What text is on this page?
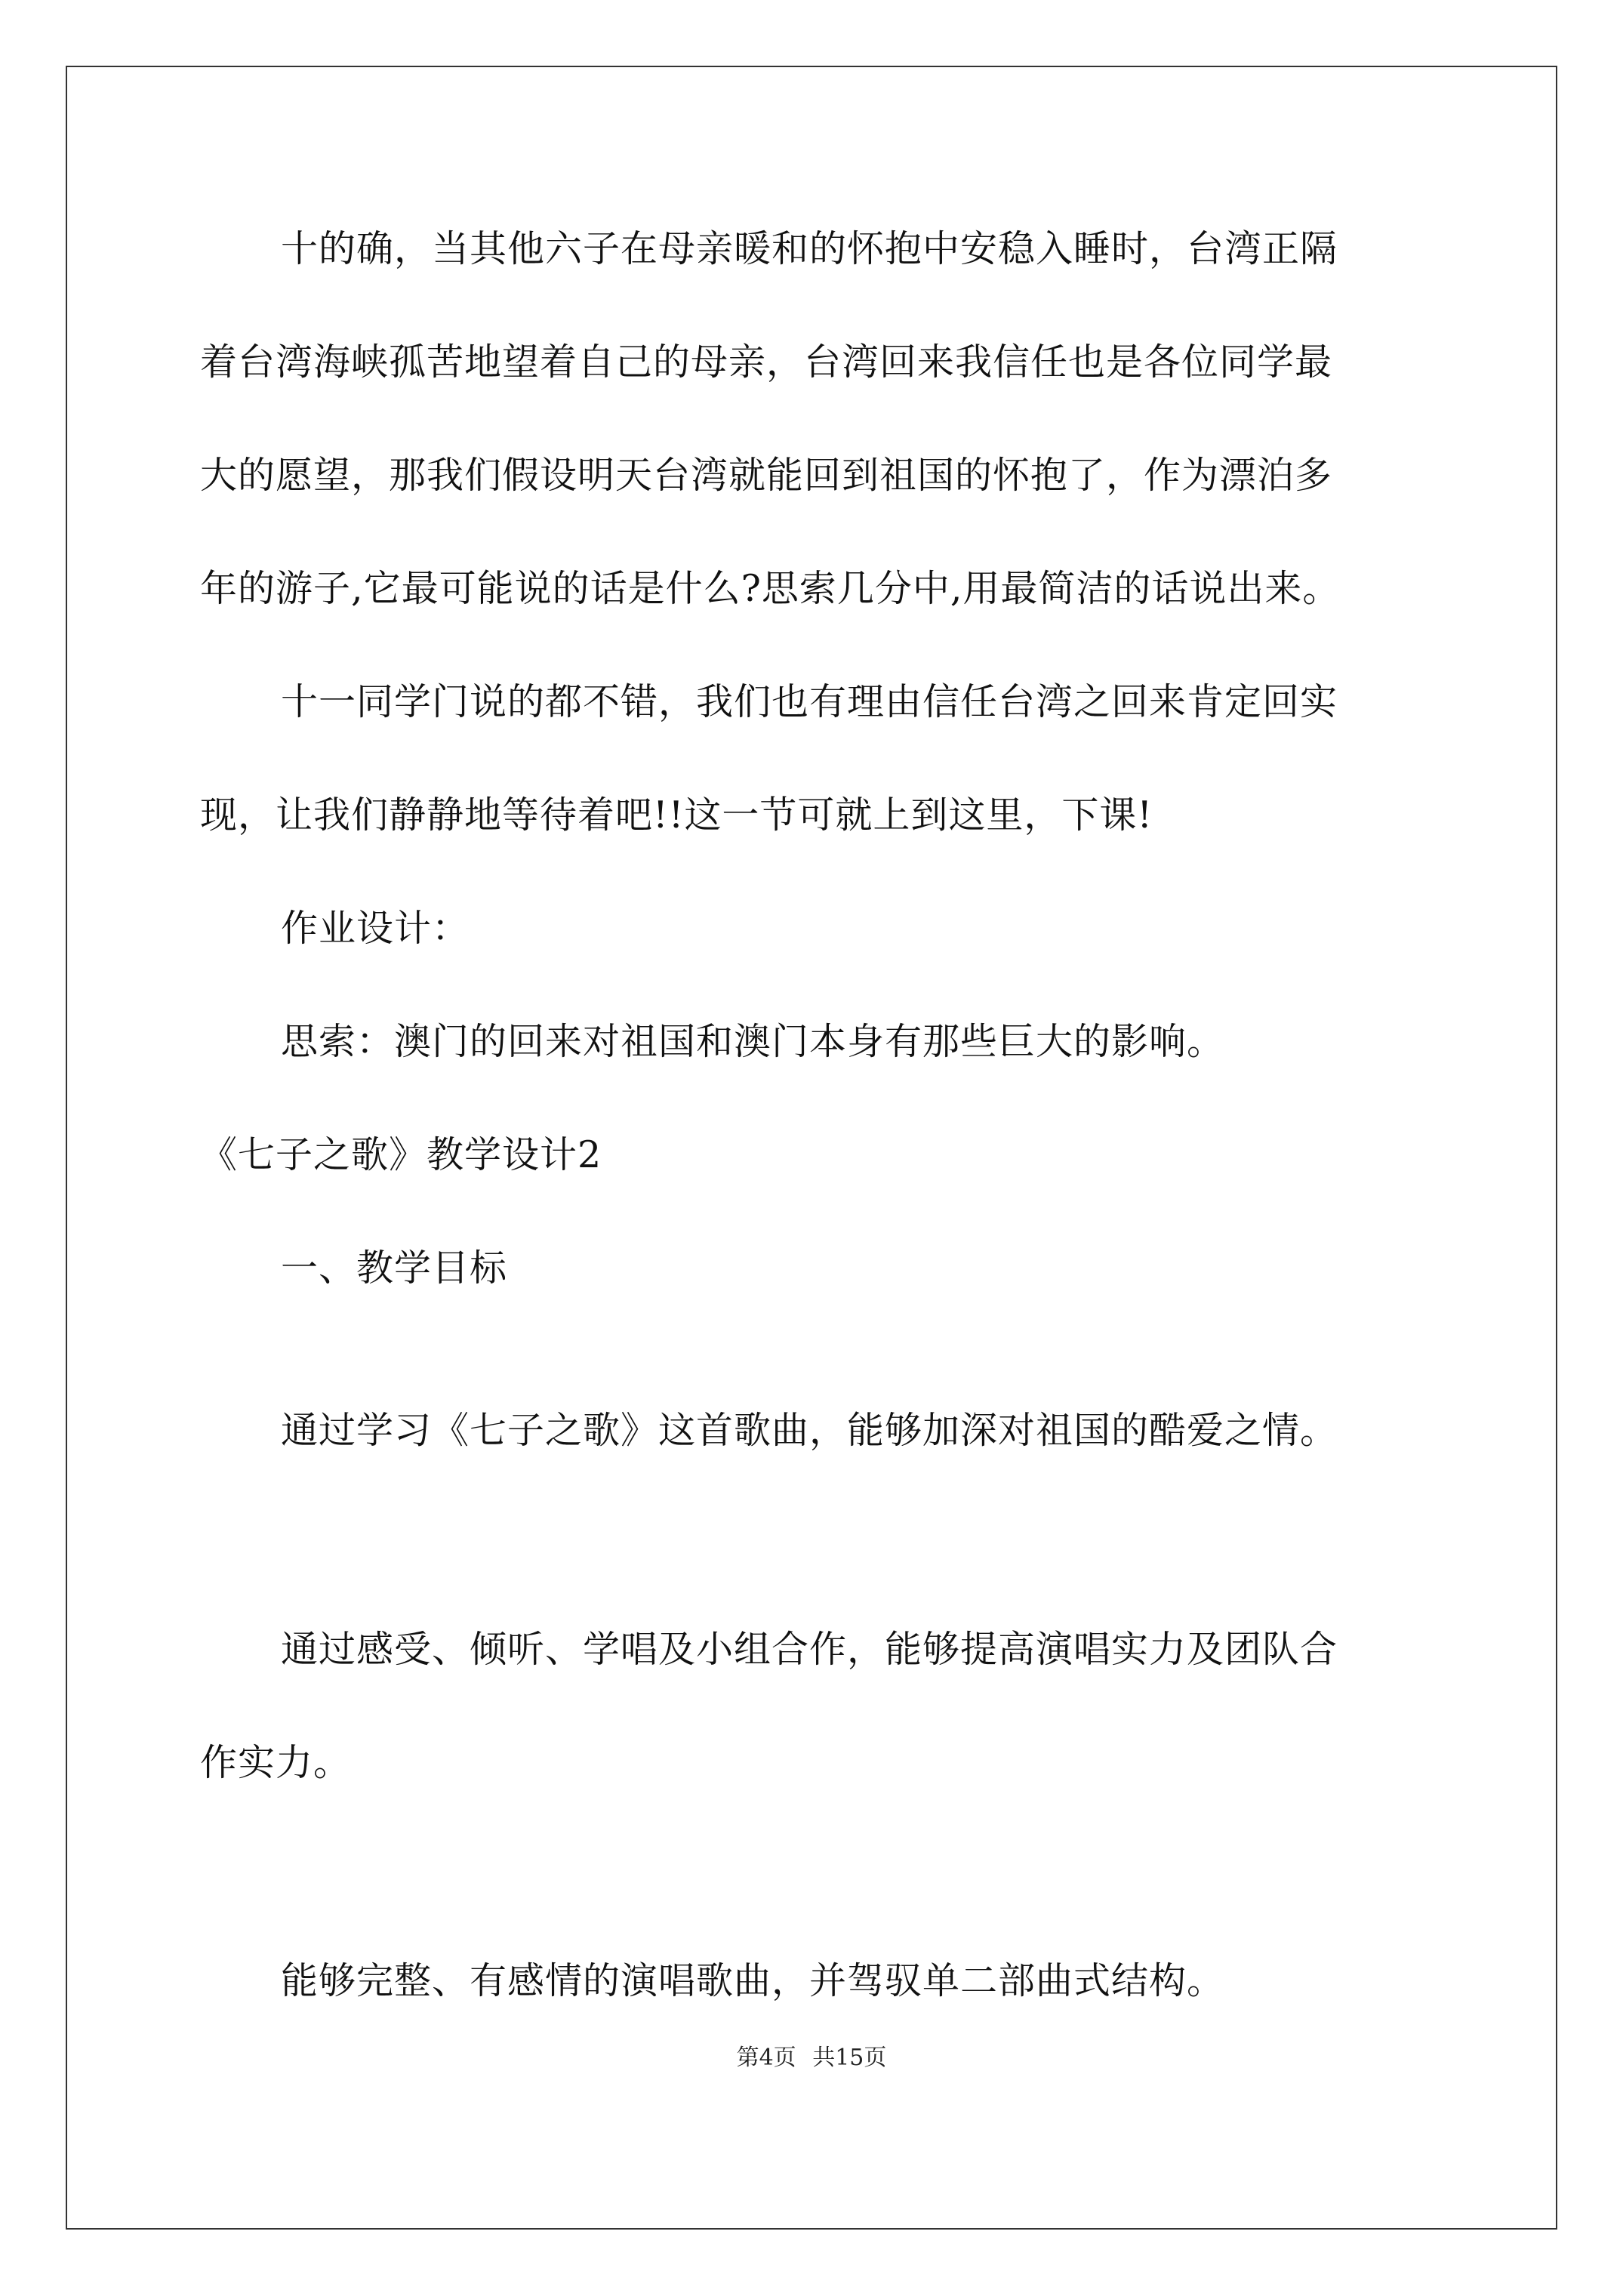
十的确，当其他六子在母亲暖和的怀抱中安稳入睡时，台湾正隔
着台湾海峡孤苦地望着自己的母亲，台湾回来我信任也是各位同学最
大的愿望，那我们假设明天台湾就能回到祖国的怀抱了，作为漂泊多
年的游子,它最可能说的话是什么?思索几分中,用最简洁的话说出来。
十一同学门说的都不错，我们也有理由信任台湾之回来肯定回实
现，让我们静静地等待着吧!!这一节可就上到这里，下课!
作业设计：
思索：澳门的回来对祖国和澳门本身有那些巨大的影响。
《七子之歌》教学设计2
一、教学目标
通过学习《七子之歌》这首歌曲，能够加深对祖国的酷爱之情。
通过感受、倾听、学唱及小组合作，能够提高演唱实力及团队合
作实力。
能够完整、有感情的演唱歌曲，并驾驭单二部曲式结构。
第4页 共15页
